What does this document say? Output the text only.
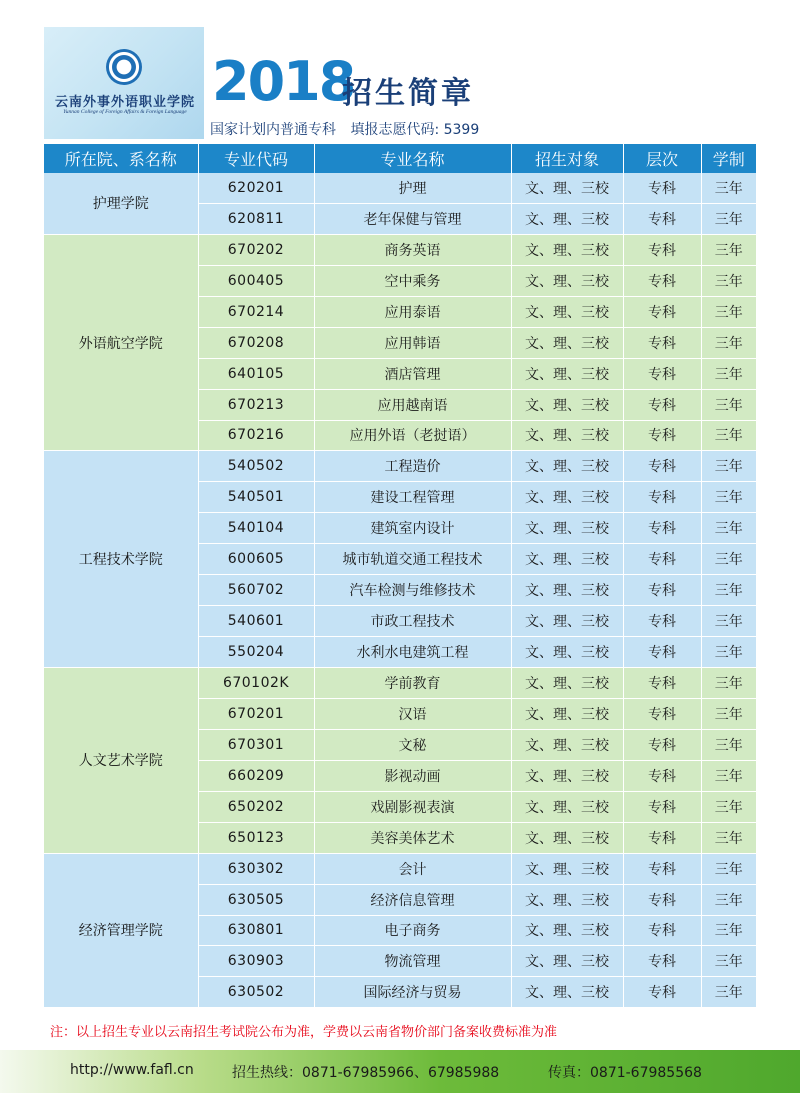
云南外事外语职业学院
Yunnan College of Foreign Affairs & Foreign Language 2018
招生简章
国家计划内普通专科 填报志愿代码: 5399
所在院、系名称	专业代码	专业名称	招生对象	层次	学制
护理学院	620201	护理	文、理、三校	专科	三年
	620811	老年保健与管理	文、理、三校	专科	三年
外语航空学院	670202	商务英语	文、理、三校	专科	三年
	600405	空中乘务	文、理、三校	专科	三年
	670214	应用泰语	文、理、三校	专科	三年
	670208	应用韩语	文、理、三校	专科	三年
	640105	酒店管理	文、理、三校	专科	三年
	670213	应用越南语	文、理、三校	专科	三年
	670216	应用外语（老挝语）	文、理、三校	专科	三年
工程技术学院	540502	工程造价	文、理、三校	专科	三年
	540501	建设工程管理	文、理、三校	专科	三年
	540104	建筑室内设计	文、理、三校	专科	三年
	600605	城市轨道交通工程技术	文、理、三校	专科	三年
	560702	汽车检测与维修技术	文、理、三校	专科	三年
	540601	市政工程技术	文、理、三校	专科	三年
	550204	水利水电建筑工程	文、理、三校	专科	三年
人文艺术学院	670102K	学前教育	文、理、三校	专科	三年
	670201	汉语	文、理、三校	专科	三年
	670301	文秘	文、理、三校	专科	三年
	660209	影视动画	文、理、三校	专科	三年
	650202	戏剧影视表演	文、理、三校	专科	三年
	650123	美容美体艺术	文、理、三校	专科	三年
经济管理学院	630302	会计	文、理、三校	专科	三年
	630505	经济信息管理	文、理、三校	专科	三年
	630801	电子商务	文、理、三校	专科	三年
	630903	物流管理	文、理、三校	专科	三年
	630502	国际经济与贸易	文、理、三校	专科	三年
注：以上招生专业以云南招生考试院公布为准，学费以云南省物价部门备案收费标准为准
http://www.fafl.cn	招生热线：0871-67985966、67985988	传真：0871-67985568
